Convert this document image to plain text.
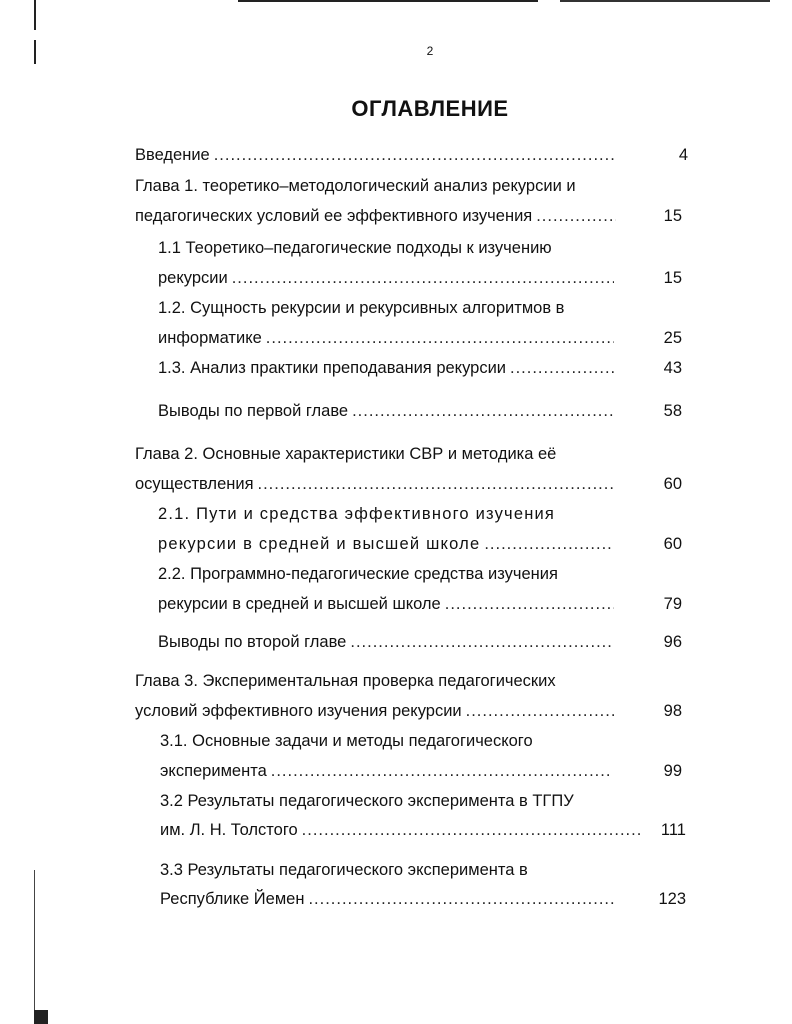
2
ОГЛАВЛЕНИЕ
Введение .....	4
Глава 1. теоретико–методологический анализ рекурсии и
педагогических условий ее эффективного изучения .....	15
1.1 Теоретико–педагогические подходы к изучению
рекурсии .....	15
1.2. Сущность рекурсии и рекурсивных алгоритмов в
информатике .....	25
1.3. Анализ практики преподавания рекурсии .....	43
Выводы по первой главе .....	58
Глава 2. Основные характеристики СВР и методика её
осуществления .....	60
2.1. Пути и средства эффективного изучения
рекурсии в средней и высшей школе .....	60
2.2. Программно-педагогические средства изучения
рекурсии в средней и высшей школе .....	79
Выводы по второй главе .....	96
Глава 3. Экспериментальная проверка педагогических
условий эффективного изучения рекурсии .....	98
3.1. Основные задачи и методы педагогического
эксперимента .....	99
3.2 Результаты педагогического эксперимента в ТГПУ
им. Л. Н. Толстого .....	111
3.3 Результаты педагогического эксперимента в
Республике Йемен .....	123
